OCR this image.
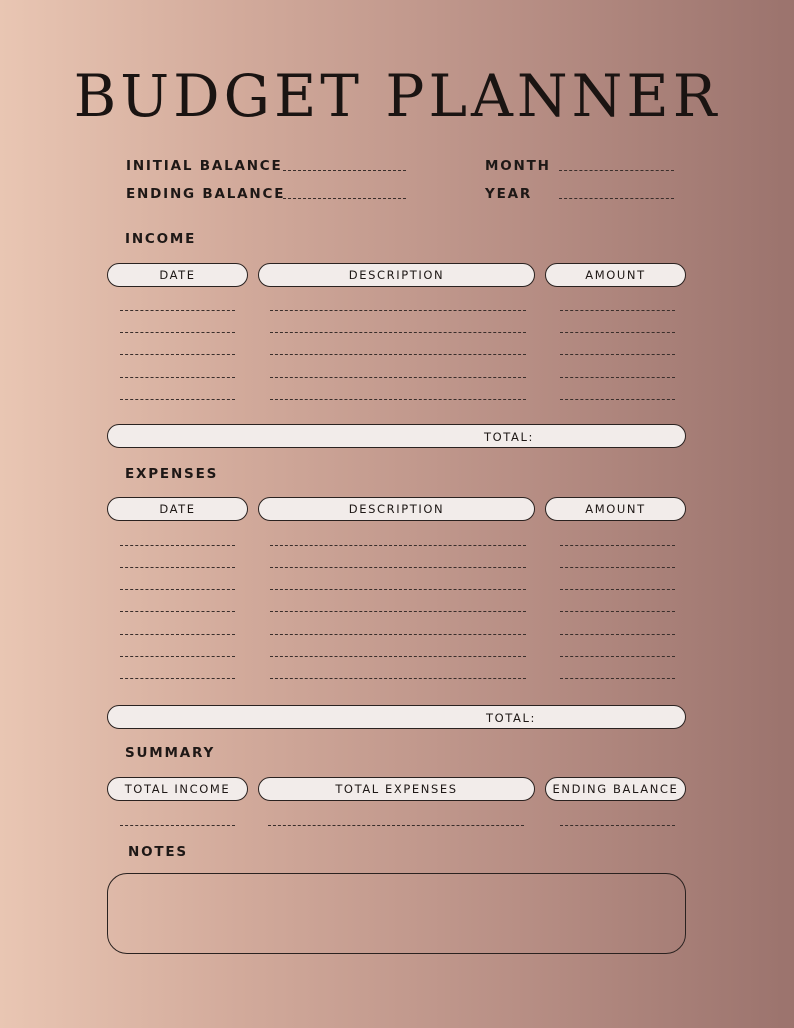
BUDGET PLANNER
INITIAL BALANCE
ENDING BALANCE
MONTH
YEAR
INCOME
DATE	DESCRIPTION	AMOUNT
TOTAL:
EXPENSES
DATE	DESCRIPTION	AMOUNT
TOTAL:
SUMMARY
TOTAL INCOME	TOTAL EXPENSES	ENDING BALANCE
NOTES
